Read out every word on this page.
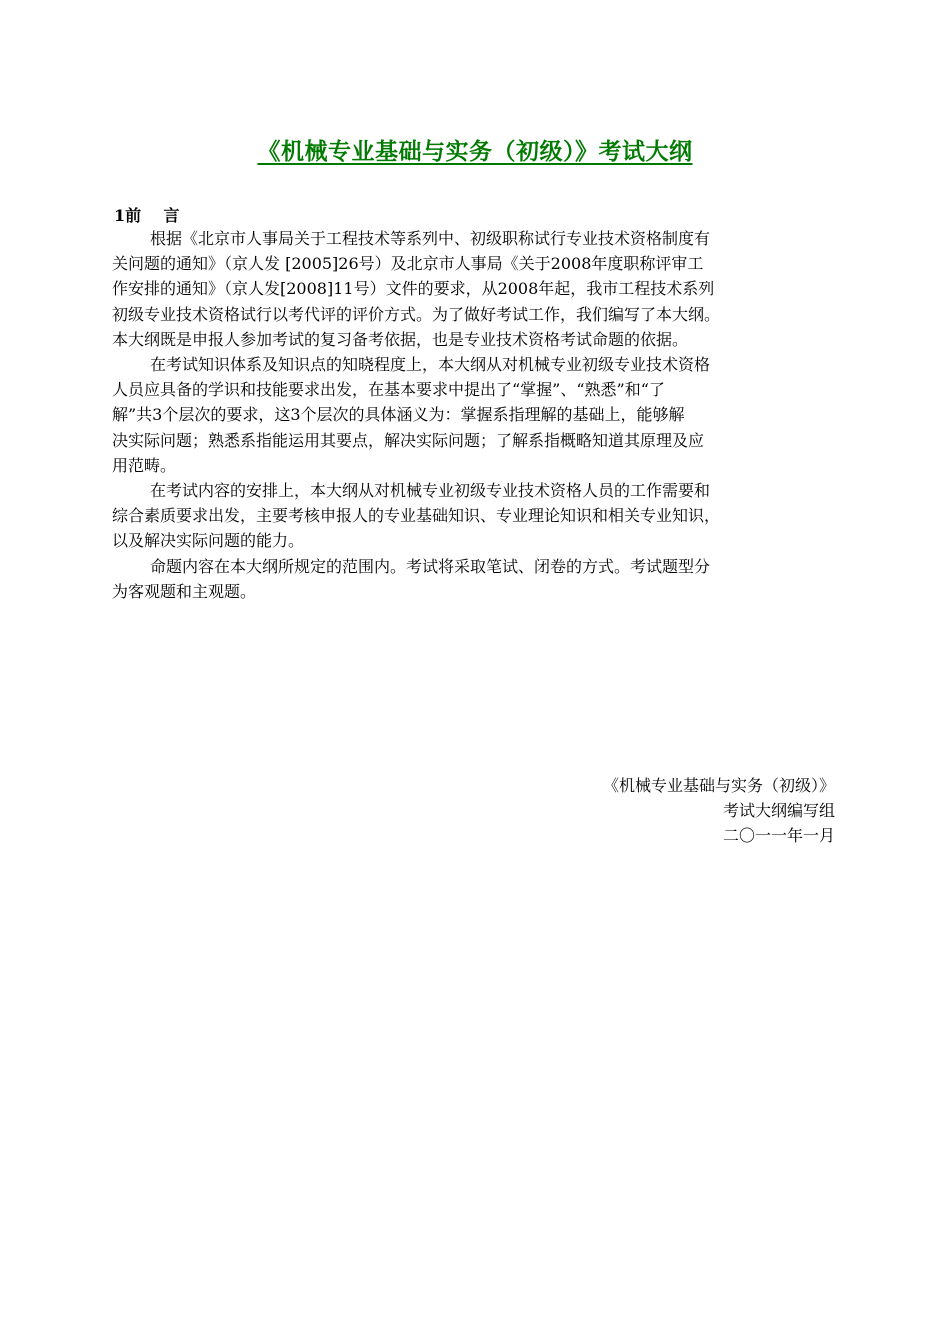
《机械专业基础与实务（初级）》考试大纲
1前    言

根据《北京市人事局关于工程技术等系列中、初级职称试行专业技术资格制度有
关问题的通知》（京人发 [2005]26号）及北京市人事局《关于2008年度职称评审工
作安排的通知》（京人发[2008]11号）文件的要求，从2008年起，我市工程技术系列
初级专业技术资格试行以考代评的评价方式。为了做好考试工作，我们编写了本大纲。
本大纲既是申报人参加考试的复习备考依据，也是专业技术资格考试命题的依据。

在考试知识体系及知识点的知晓程度上，本大纲从对机械专业初级专业技术资格
人员应具备的学识和技能要求出发，在基本要求中提出了“掌握”、“熟悉”和“了
解”共3个层次的要求，这3个层次的具体涵义为：掌握系指理解的基础上，能够解
决实际问题；熟悉系指能运用其要点，解决实际问题；了解系指概略知道其原理及应
用范畴。

在考试内容的安排上，本大纲从对机械专业初级专业技术资格人员的工作需要和
综合素质要求出发，主要考核申报人的专业基础知识、专业理论知识和相关专业知识，
以及解决实际问题的能力。

命题内容在本大纲所规定的范围内。考试将采取笔试、闭卷的方式。考试题型分
为客观题和主观题。

《机械专业基础与实务（初级）》
考试大纲编写组
二〇一一年一月
